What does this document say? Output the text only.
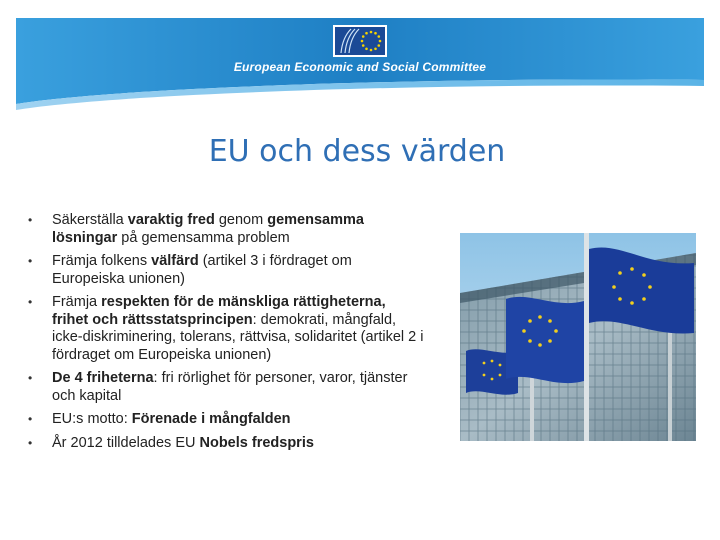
European Economic and Social Committee
EU och dess värden
• Säkerställa varaktig fred genom gemensamma lösningar på gemensamma problem
• Främja folkens välfärd (artikel 3 i fördraget om Europeiska unionen)
• Främja respekten för de mänskliga rättigheterna, frihet och rättsstatsprincipen: demokrati, mångfald, icke-diskriminering, tolerans, rättvisa, solidaritet (artikel 2 i fördraget om Europeiska unionen)
• De 4 friheterna: fri rörlighet för personer, varor, tjänster och kapital
• EU:s motto: Förenade i mångfalden
• År 2012 tilldelades EU Nobels fredspris
